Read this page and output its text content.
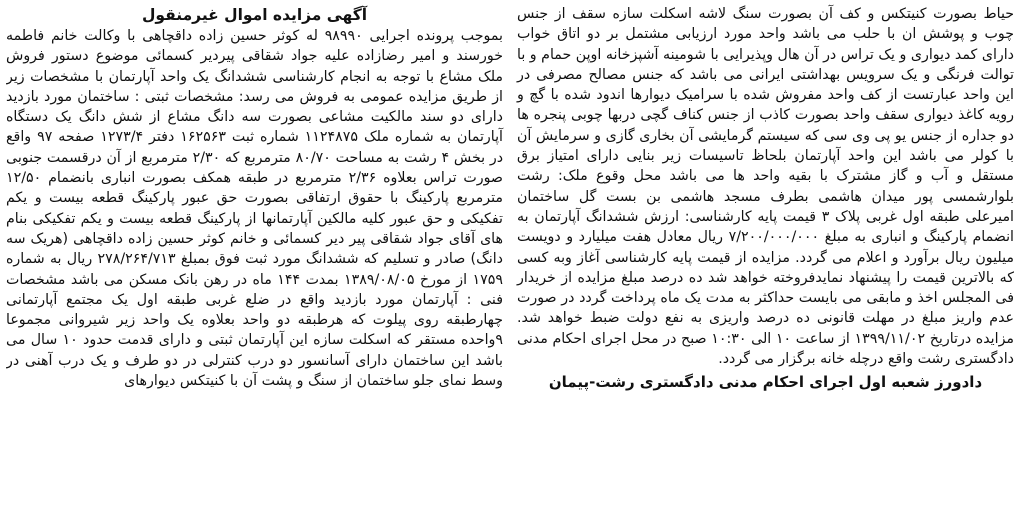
آگهی مزایده اموال غیرمنقول

بموجب پرونده اجرایی ۹۸۹۹۰ له کوثر حسین زاده داقچاهی با وکالت خانم فاطمه خورسند و امیر رضازاده علیه جواد شقاقی پیردیر کسمائی موضوع دستور فروش ملک مشاع با توجه به انجام کارشناسی ششدانگ یک واحد آپارتمان با مشخصات زیر از طریق مزایده عمومی به فروش می رسد: مشخصات ثبتی : ساختمان مورد بازدید دارای دو سند مالکیت مشاعی بصورت سه دانگ مشاع از شش دانگ یک دستگاه آپارتمان به شماره ملک ۱۱۲۴۸۷۵ شماره ثبت ۱۶۲۵۶۳ دفتر ۱۲۷۳/۴ صفحه ۹۷ واقع در بخش ۴ رشت به مساحت ۸۰/۷۰ مترمربع که ۲/۳۰ مترمربع از آن درقسمت جنوبی صورت تراس بعلاوه ۲/۳۶ مترمربع در طبقه همکف بصورت انباری بانضمام ۱۲/۵۰ مترمربع پارکینگ با حقوق ارتفاقی بصورت حق عبور پارکینگ قطعه بیست و یکم تفکیکی و حق عبور کلیه مالکین آپارتمانها از پارکینگ قطعه بیست و یکم تفکیکی بنام های آقای جواد شقاقی پیر دیر کسمائی و خانم کوثر حسین زاده داقچاهی (هریک سه دانگ) صادر و تسلیم که ششدانگ مورد ثبت فوق بمبلغ ۲۷۸/۲۶۴/۷۱۳ ریال به شماره ۱۷۵۹ از مورخ ۱۳۸۹/۰۸/۰۵ بمدت ۱۴۴ ماه در رهن بانک مسکن می باشد مشخصات فنی : آپارتمان مورد بازدید واقع در ضلع غربی طبقه اول یک مجتمع آپارتمانی چهارطبقه روی پیلوت که هرطبقه دو واحد بعلاوه یک واحد زیر شیروانی مجموعا ۹واحده مستقر که اسکلت سازه این آپارتمان ثبتی و دارای قدمت حدود ۱۰ سال می باشد این ساختمان دارای آسانسور دو درب کنترلی در دو طرف و یک درب آهنی در وسط نمای جلو ساختمان از سنگ و پشت آن با کنیتکس دیوارهای

حیاط بصورت کنیتکس و کف آن بصورت سنگ لاشه اسکلت سازه سقف از جنس چوب و پوشش ان با حلب می باشد واحد مورد ارزیابی مشتمل بر دو اتاق خواب دارای کمد دیواری و یک تراس در آن هال وپذیرایی با شومینه آشپزخانه اوپن حمام و با توالت فرنگی و یک سرویس بهداشتی ایرانی می باشد که جنس مصالح مصرفی در این واحد عبارتست از کف واحد مفروش شده با سرامیک دیوارها اندود شده با گچ و رویه کاغذ دیواری سقف واحد بصورت کاذب از جنس کناف گچی دربها چوبی پنجره ها دو جداره از جنس یو پی وی سی که سیستم گرمایشی آن بخاری گازی و سرمایش آن با کولر می باشد این واحد آپارتمان بلحاظ تاسیسات زیر بنایی دارای امتیاز برق مستقل و آب و گاز مشترک با بقیه واحد ها می باشد محل وقوع ملک: رشت بلوارشمسی پور میدان هاشمی بطرف مسجد هاشمی بن بست گل ساختمان امیرعلی طبقه اول غربی پلاک ۳ قیمت پایه کارشناسی: ارزش ششدانگ آپارتمان به انضمام پارکینگ و انباری به مبلغ ۷/۲۰۰/۰۰۰/۰۰۰ ریال معادل هفت میلیارد و دویست میلیون ریال برآورد و اعلام می گردد. مزایده از قیمت پایه کارشناسی آغاز وبه کسی که بالاترین قیمت را پیشنهاد نمایدفروخته خواهد شد ده درصد مبلغ مزایده از خریدار فی المجلس اخذ و مابقی می بایست حداکثر به مدت یک ماه پرداخت گردد در صورت عدم واریز مبلغ در مهلت قانونی ده درصد واریزی به نفع دولت ضبط خواهد شد. مزایده درتاریخ ۱۳۹۹/۱۱/۰۲ از ساعت ۱۰ الی ۱۰:۳۰ صبح در محل اجرای احکام مدنی دادگستری رشت واقع درچله خانه برگزار می گردد.

دادورز شعبه اول اجرای احکام مدنی دادگستری رشت-پیمان
